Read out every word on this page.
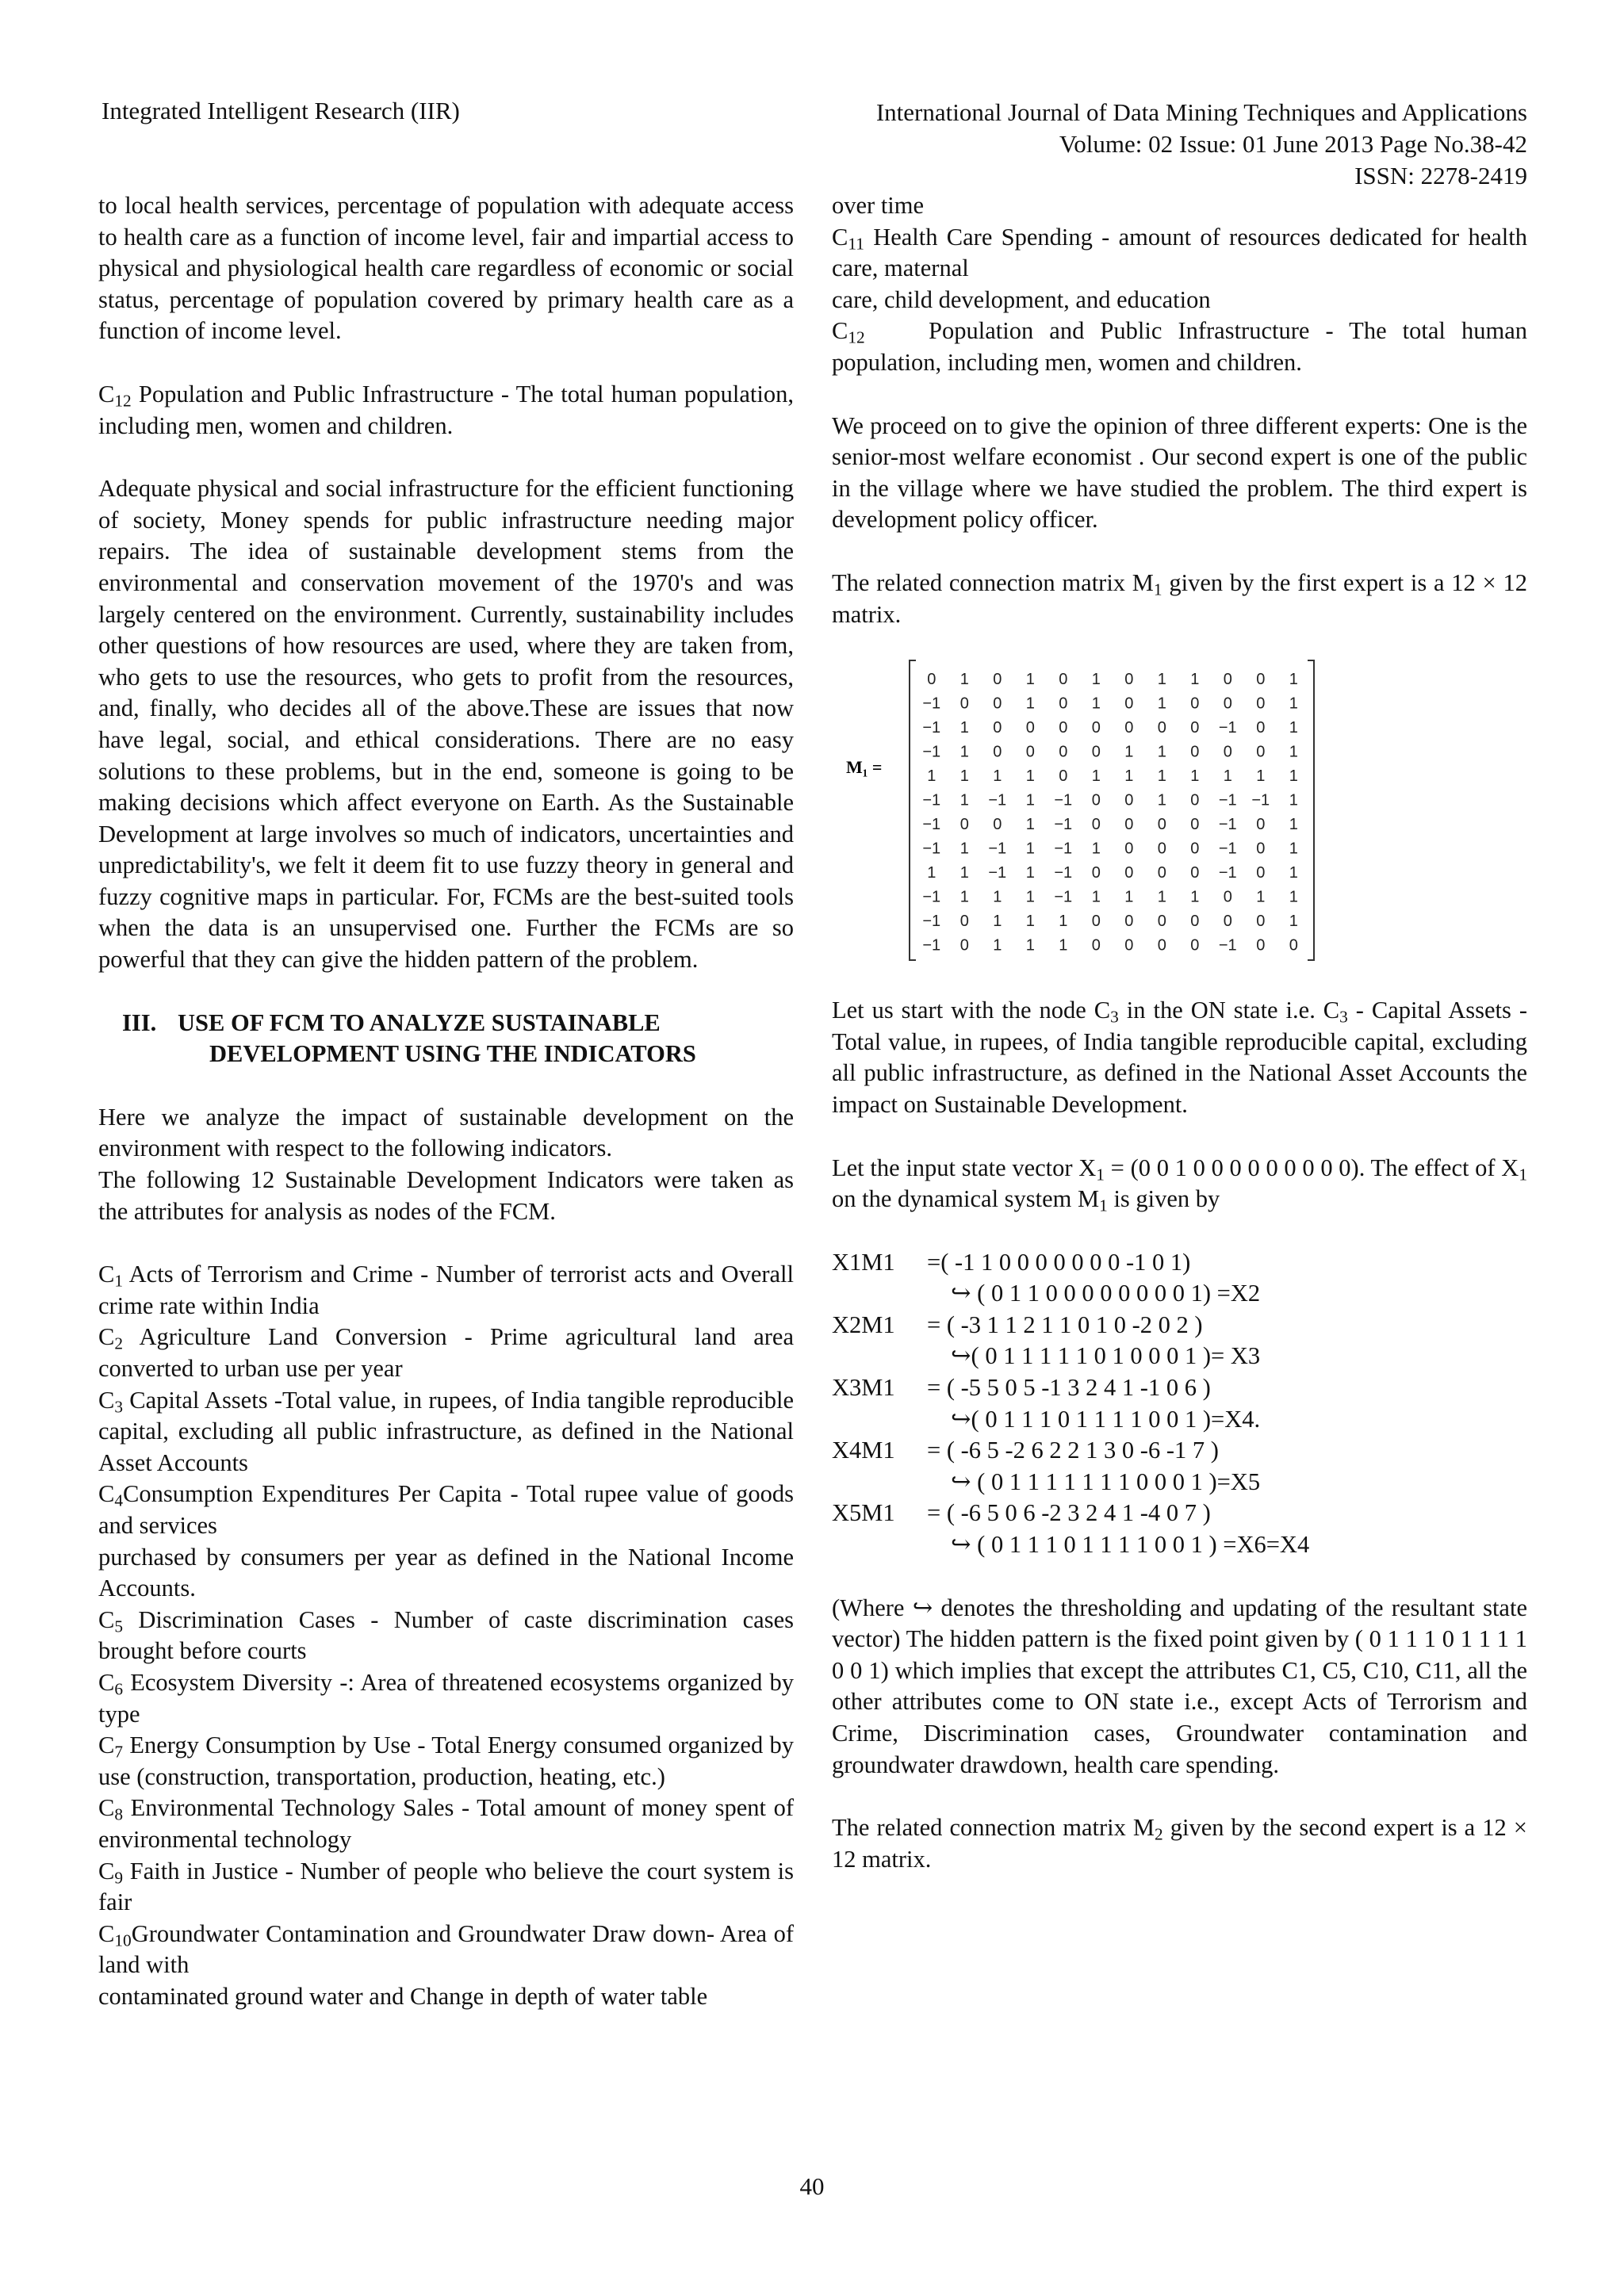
Integrated Intelligent Research (IIR)	International Journal of Data Mining Techniques and Applications
Volume: 02 Issue: 01 June 2013 Page No.38-42
ISSN: 2278-2419

to local health services, percentage of population with adequate access to health care as a function of income level, fair and impartial access to physical and physiological health care regardless of economic or social status, percentage of population covered by primary health care as a function of income level.

$C_{12}$ Population and Public Infrastructure - The total human population, including men, women and children.

Adequate physical and social infrastructure for the efficient functioning of society, Money spends for public infrastructure needing major repairs. The idea of sustainable development stems from the environmental and conservation movement of the 1970's and was largely centered on the environment. Currently, sustainability includes other questions of how resources are used, where they are taken from, who gets to use the resources, who gets to profit from the resources, and, finally, who decides all of the above.These are issues that now have legal, social, and ethical considerations. There are no easy solutions to these problems, but in the end, someone is going to be making decisions which affect everyone on Earth. As the Sustainable Development at large involves so much of indicators, uncertainties and unpredictability's, we felt it deem fit to use fuzzy theory in general and fuzzy cognitive maps in particular. For, FCMs are the best-suited tools when the data is an unsupervised one. Further the FCMs are so powerful that they can give the hidden pattern of the problem.

III. USE OF FCM TO ANALYZE SUSTAINABLE
DEVELOPMENT USING THE INDICATORS

Here we analyze the impact of sustainable development on the environment with respect to the following indicators.

The following 12 Sustainable Development Indicators were taken as the attributes for analysis as nodes of the FCM.

$C_1$ Acts of Terrorism and Crime - Number of terrorist acts and Overall crime rate within India

$C_2$ Agriculture Land Conversion - Prime agricultural land area converted to urban use per year

$C_3$ Capital Assets -Total value, in rupees, of India tangible reproducible capital, excluding all public infrastructure, as defined in the National Asset Accounts

$C_4Consumption$ Expenditures Per Capita - Total rupee value of goods and services

purchased by consumers per year as defined in the National Income Accounts.

$C_5$ Discrimination Cases - Number of caste discrimination cases brought before courts

$C_6$ Ecosystem Diversity -: Area of threatened ecosystems organized by type

$C_7$ Energy Consumption by Use - Total Energy consumed organized by use (construction, transportation, production, heating, etc.)

$C_8$ Environmental Technology Sales - Total amount of money spent of environmental technology

$C_9$ Faith in Justice - Number of people who believe the court system is fair

$C_{10}Groundwater$ Contamination and Groundwater Draw down- Area of land with

contaminated ground water and Change in depth of water table

over time

$C_{11}$ Health Care Spending - amount of resources dedicated for health care, maternal

care, child development, and education

$C_{12}$	Population and Public Infrastructure - The total human population, including men, women and children.

We proceed on to give the opinion of three different experts: One is the senior-most welfare economist . Our second expert is one of the public in the village where we have studied the problem. The third expert is development policy officer.

The related connection matrix $M_1$ given by the first expert is a 12 × 12 matrix.

M₁ =
0 1 0 1 0 1 0 1 1 0 0 1
−1 0 0 1 0 1 0 1 0 0 0 1
−1 1 0 0 0 0 0 0 0 −1 0 1
−1 1 0 0 0 0 1 1 0 0 0 1
1 1 1 1 0 1 1 1 1 1 1 1
−1 1 −1 1 −1 0 0 1 0 −1 −1 1
−1 0 0 1 −1 0 0 0 0 −1 0 1
−1 1 −1 1 −1 1 0 0 0 −1 0 1
1 1 −1 1 −1 0 0 0 0 −1 0 1
−1 1 1 1 −1 1 1 1 1 0 1 1
−1 0 1 1 1 0 0 0 0 0 0 1
−1 0 1 1 1 0 0 0 0 −1 0 0

Let us start with the node $C_3$ in the ON state i.e. $C_3$ - Capital Assets -Total value, in rupees, of India tangible reproducible capital, excluding all public infrastructure, as defined in the National Asset Accounts the impact on Sustainable Development.

Let the input state vector $X_1 = (0$ 0 1 0 0 0 0 0 0 0 0 0). The effect of $X_1$ on the dynamical system $M_1$ is given by

X1M1	=( -1 1 0 0 0 0 0 0 0 -1 0 1)
↪ ( 0 1 1 0 0 0 0 0 0 0 0 1) =X2
X2M1	= ( -3 1 1 2 1 1 0 1 0 -2 0 2 )
↪( 0 1 1 1 1 1 0 1 0 0 0 1 )= X3
X3M1	= ( -5 5 0 5 -1 3 2 4 1 -1 0 6 )
↪( 0 1 1 1 0 1 1 1 1 0 0 1 )=X4.
X4M1	= ( -6 5 -2 6 2 2 1 3 0 -6 -1 7 )
↪ ( 0 1 1 1 1 1 1 1 0 0 0 1 )=X5
X5M1	= ( -6 5 0 6 -2 3 2 4 1 -4 0 7 )
↪ ( 0 1 1 1 0 1 1 1 1 0 0 1 ) =X6=X4

(Where ↪ denotes the thresholding and updating of the resultant state vector) The hidden pattern is the fixed point given by ( 0 1 1 1 0 1 1 1 1 0 0 1) which implies that except the attributes C1, C5, C10, C11, all the other attributes come to ON state i.e., except Acts of Terrorism and Crime, Discrimination cases, Groundwater contamination and groundwater drawdown, health care spending.

The related connection matrix $M_2$ given by the second expert is a 12 × 12 matrix.

40
